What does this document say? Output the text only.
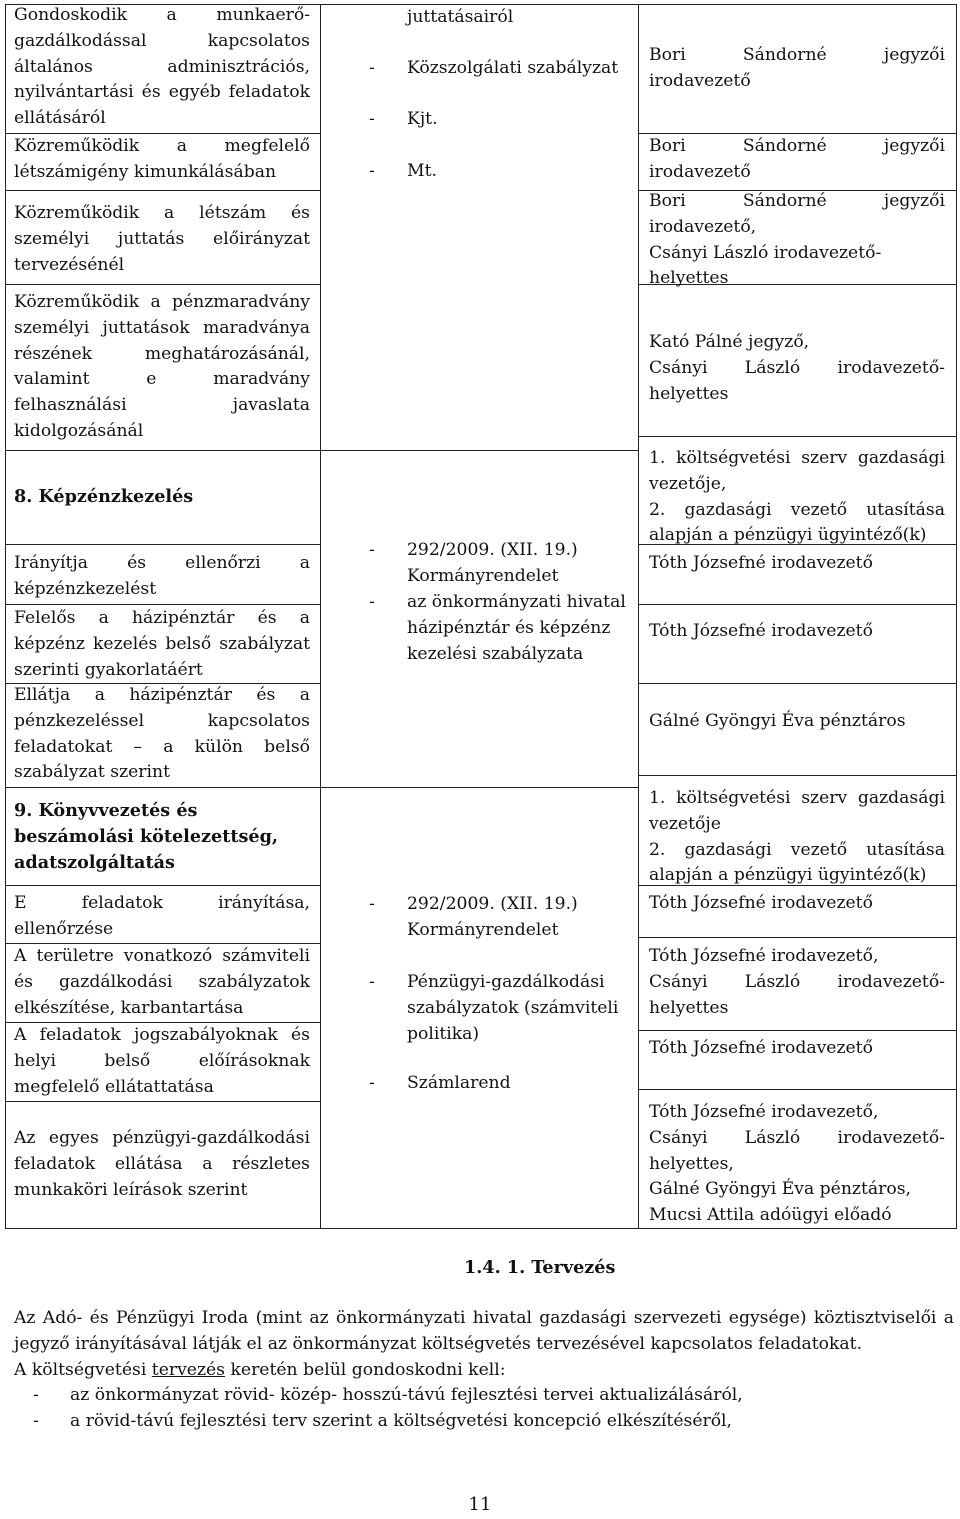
Gondoskodik a munkaerő-
gazdálkodással kapcsolatos
általános adminisztrációs,
nyilvántartási és egyéb feladatok
ellátásáról
Közreműködik a megfelelő
létszámigény kimunkálásában
Közreműködik a létszám és
személyi juttatás előirányzat
tervezésénél
Közreműködik a pénzmaradvány
személyi juttatások maradványa
részének meghatározásánál,
valamint e maradvány
felhasználási javaslata
kidolgozásánál
8. Képzénzkezelés
Irányítja és ellenőrzi a
képzénzkezelést
Felelős a házipénztár és a
képzénz kezelés belső szabályzat
szerinti gyakorlatáért
Ellátja a házipénztár és a
pénzkezeléssel kapcsolatos
feladatokat – a külön belső
szabályzat szerint
9. Könyvvezetés és
beszámolási kötelezettség,
adatszolgáltatás
E feladatok irányítása,
ellenőrzése
A területre vonatkozó számviteli
és gazdálkodási szabályzatok
elkészítése, karbantartása
A feladatok jogszabályoknak és
helyi belső előírásoknak
megfelelő ellátattatása
Az egyes pénzügyi-gazdálkodási
feladatok ellátása a részletes
munkaköri leírások szerint
juttatásairól
- Közszolgálati szabályzat
- Kjt.
- Mt.
- 292/2009. (XII. 19.)
Kormányrendelet
- az önkormányzati hivatal
házipénztár és képzénz
kezelési szabályzata
- 292/2009. (XII. 19.)
Kormányrendelet
- Pénzügyi-gazdálkodási
szabályzatok (számviteli
politika)
- Számlarend
Bori Sándorné jegyzői
irodavezető
Bori Sándorné jegyzői
irodavezető
Bori Sándorné jegyzői
irodavezető,
Csányi László irodavezető-
helyettes
Kató Pálné jegyző,
Csányi László irodavezető-
helyettes
1. költségvetési szerv gazdasági
vezetője,
2. gazdasági vezető utasítása
alapján a pénzügyi ügyintéző(k)
Tóth Józsefné irodavezető
Tóth Józsefné irodavezető
Gálné Gyöngyi Éva pénztáros
1. költségvetési szerv gazdasági
vezetője
2. gazdasági vezető utasítása
alapján a pénzügyi ügyintéző(k)
Tóth Józsefné irodavezető
Tóth Józsefné irodavezető,
Csányi László irodavezető-
helyettes
Tóth Józsefné irodavezető
Tóth Józsefné irodavezető,
Csányi László irodavezető-
helyettes,
Gálné Gyöngyi Éva pénztáros,
Mucsi Attila adóügyi előadó
1.4. 1. Tervezés
Az Adó- és Pénzügyi Iroda (mint az önkormányzati hivatal gazdasági szervezeti egysége) köztisztviselői a
jegyző irányításával látják el az önkormányzat költségvetés tervezésével kapcsolatos feladatokat.
A költségvetési tervezés keretén belül gondoskodni kell:
- az önkormányzat rövid- közép- hosszú-távú fejlesztési tervei aktualizálásáról,
- a rövid-távú fejlesztési terv szerint a költségvetési koncepció elkészítéséről,
11
